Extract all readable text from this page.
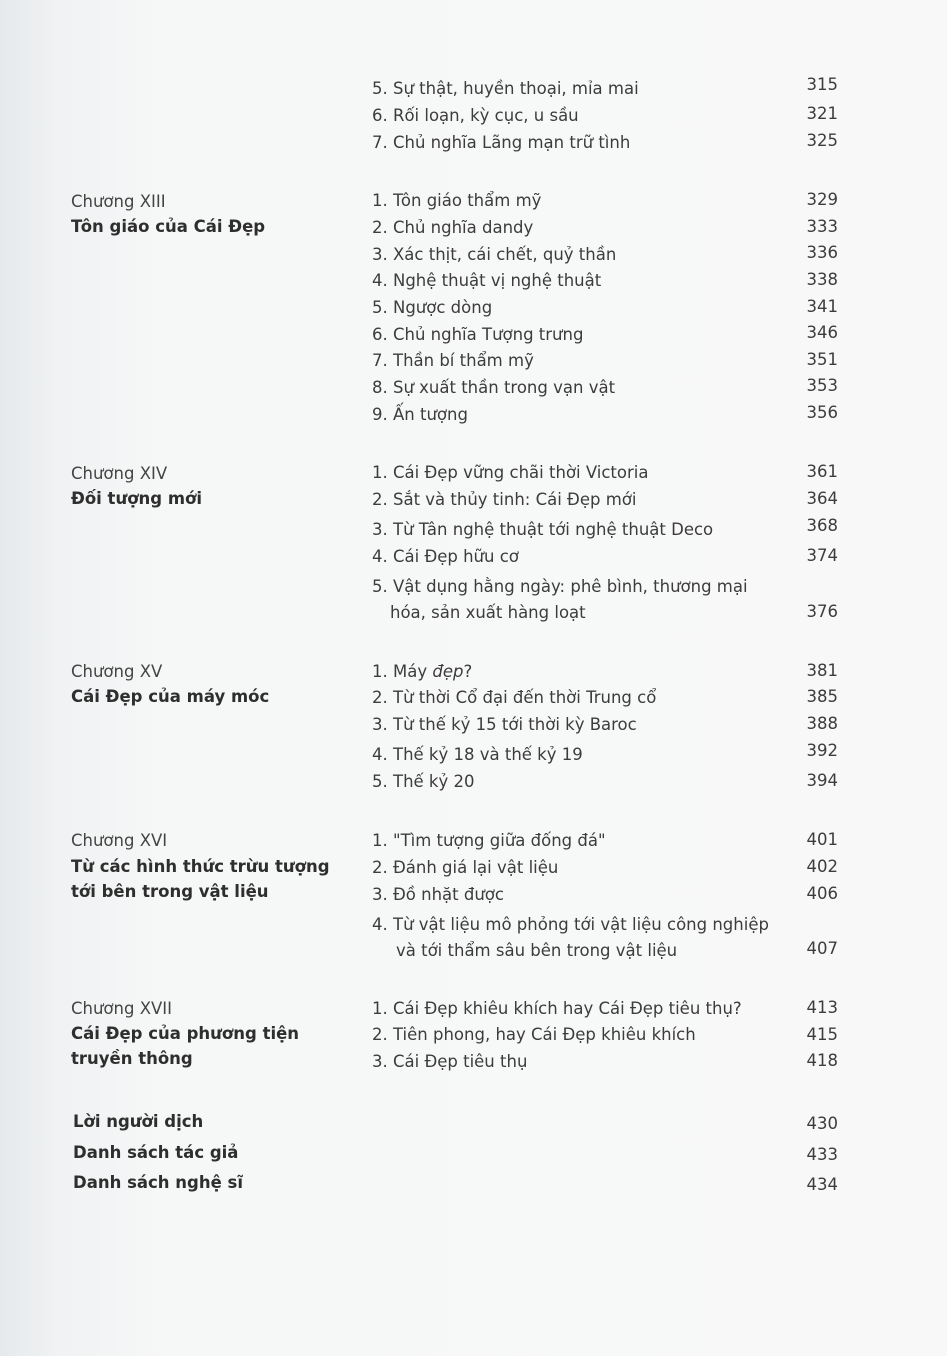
5. Sự thật, huyền thoại, mỉa mai	315
6. Rối loạn, kỳ cục, u sầu	321
7. Chủ nghĩa Lãng mạn trữ tình	325
Chương XIII
Tôn giáo của Cái Đẹp
1. Tôn giáo thẩm mỹ	329
2. Chủ nghĩa dandy	333
3. Xác thịt, cái chết, quỷ thần	336
4. Nghệ thuật vị nghệ thuật	338
5. Ngược dòng	341
6. Chủ nghĩa Tượng trưng	346
7. Thần bí thẩm mỹ	351
8. Sự xuất thần trong vạn vật	353
9. Ấn tượng	356
Chương XIV
Đối tượng mới
1. Cái Đẹp vững chãi thời Victoria	361
2. Sắt và thủy tinh: Cái Đẹp mới	364
3. Từ Tân nghệ thuật tới nghệ thuật Deco	368
4. Cái Đẹp hữu cơ	374
5. Vật dụng hằng ngày: phê bình, thương mại
hóa, sản xuất hàng loạt	376
Chương XV
Cái Đẹp của máy móc
1. Máy đẹp?	381
2. Từ thời Cổ đại đến thời Trung cổ	385
3. Từ thế kỷ 15 tới thời kỳ Baroc	388
4. Thế kỷ 18 và thế kỷ 19	392
5. Thế kỷ 20	394
Chương XVI
Từ các hình thức trừu tượng
tới bên trong vật liệu
1. "Tìm tượng giữa đống đá"	401
2. Đánh giá lại vật liệu	402
3. Đồ nhặt được	406
4. Từ vật liệu mô phỏng tới vật liệu công nghiệp
và tới thẩm sâu bên trong vật liệu	407
Chương XVII
Cái Đẹp của phương tiện
truyền thông
1. Cái Đẹp khiêu khích hay Cái Đẹp tiêu thụ?	413
2. Tiên phong, hay Cái Đẹp khiêu khích	415
3. Cái Đẹp tiêu thụ	418
Lời người dịch	430
Danh sách tác giả	433
Danh sách nghệ sĩ	434
